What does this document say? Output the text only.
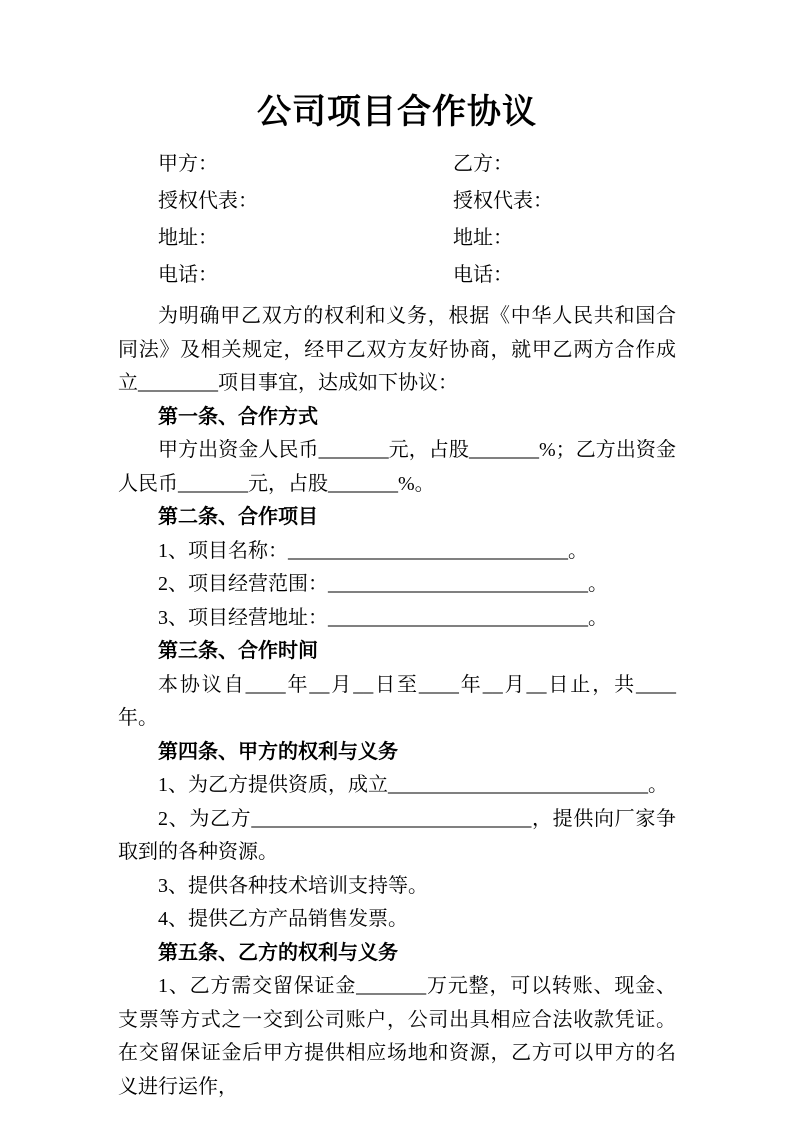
公司项目合作协议
甲方：	乙方：
授权代表：	授权代表：
地址：	地址：
电话：	电话：

为明确甲乙双方的权利和义务，根据《中华人民共和国合同法》及相关规定，经甲乙双方友好协商，就甲乙两方合作成立________项目事宜，达成如下协议：

第一条、合作方式

甲方出资金人民币_______元，占股_______%；乙方出资金人民币_______元，占股_______%。

第二条、合作项目

1、项目名称：____________________________。

2、项目经营范围：__________________________。

3、项目经营地址：__________________________。

第三条、合作时间

本协议自____年__月__日至____年__月__日止，共____年。

第四条、甲方的权利与义务

1、为乙方提供资质，成立__________________________。

2、为乙方____________________________，提供向厂家争取到的各种资源。

3、提供各种技术培训支持等。

4、提供乙方产品销售发票。

第五条、乙方的权利与义务

1、乙方需交留保证金_______万元整，可以转账、现金、支票等方式之一交到公司账户，公司出具相应合法收款凭证。在交留保证金后甲方提供相应场地和资源，乙方可以甲方的名义进行运作，
